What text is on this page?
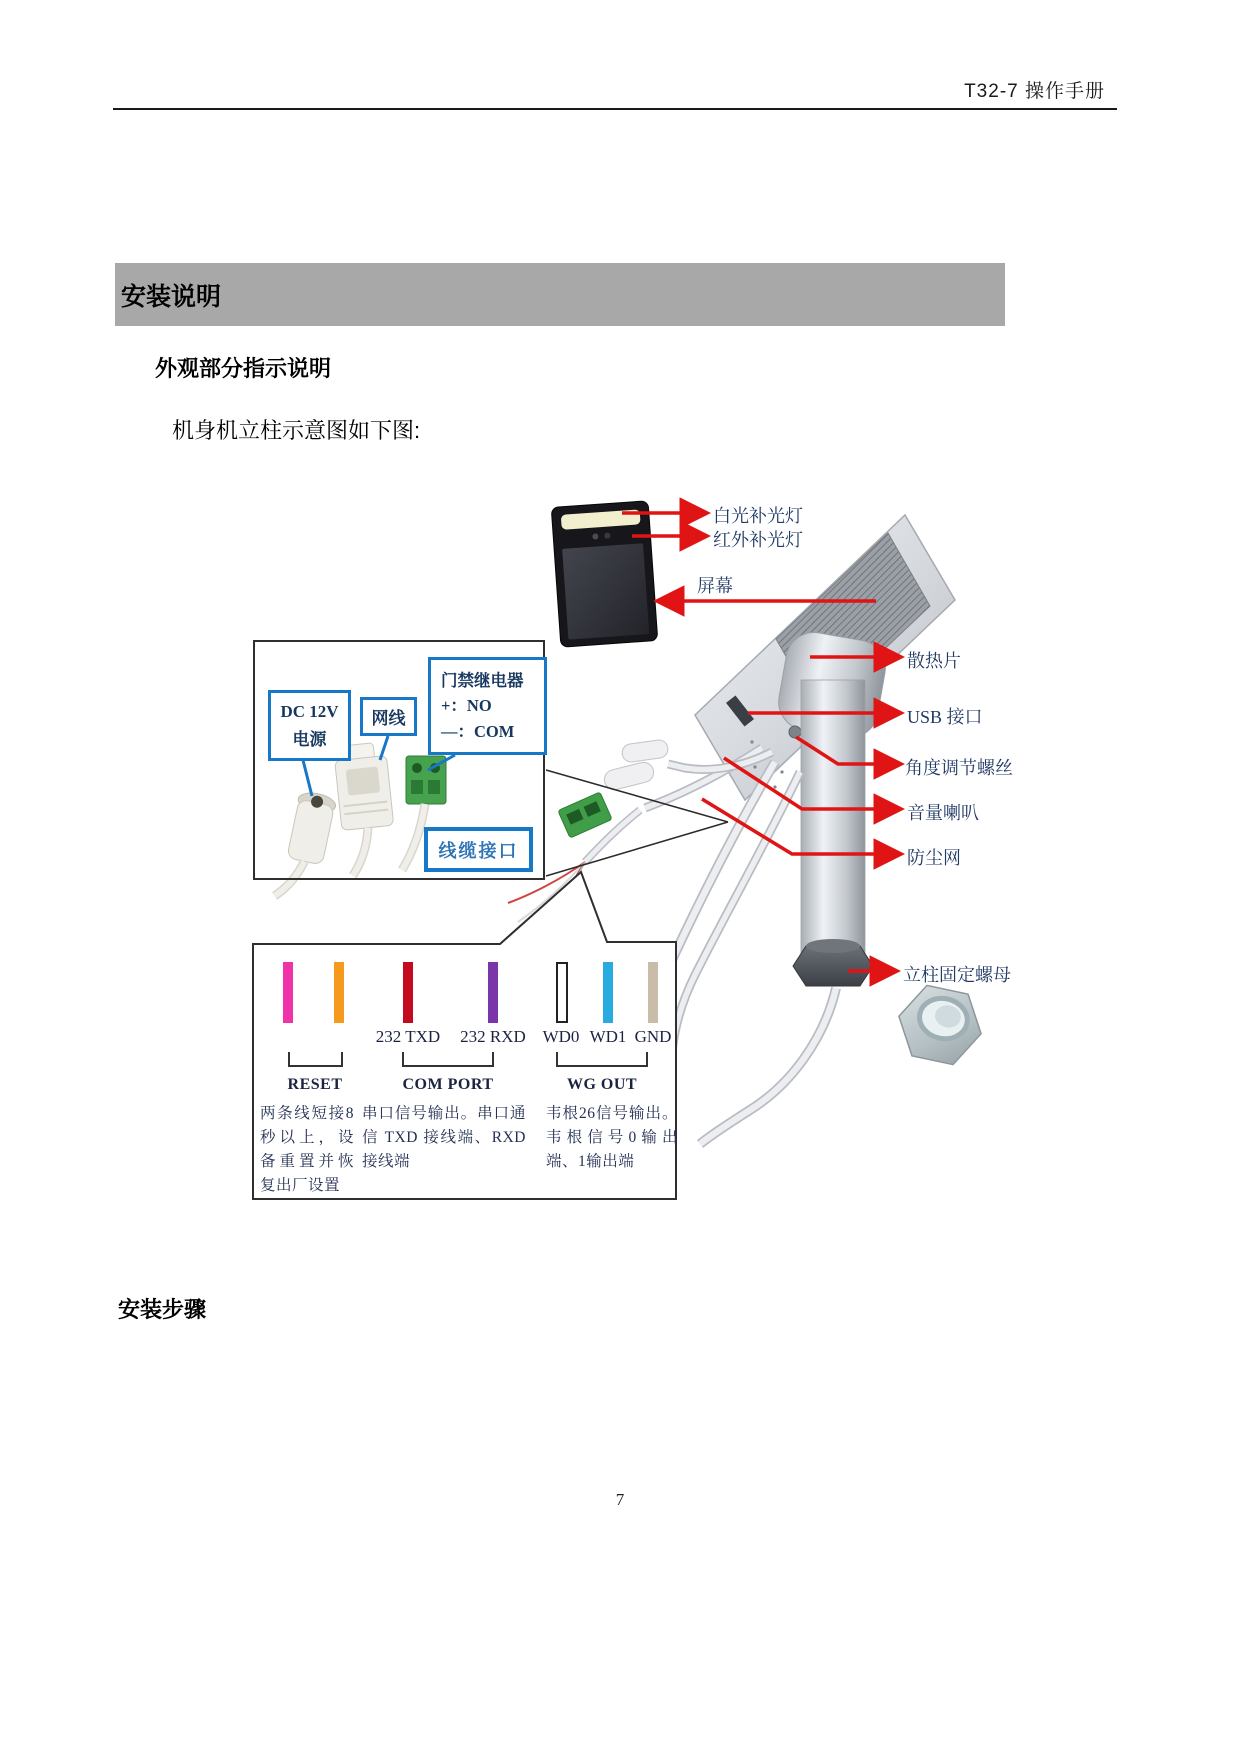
T32-7 操作手册
安装说明
外观部分指示说明
机身机立柱示意图如下图:
DC 12V
电源
网线
门禁继电器
+：NO
—：COM
线缆接口
白光补光灯
红外补光灯
屏幕
散热片
USB 接口
角度调节螺丝
音量喇叭
防尘网
立柱固定螺母
232 TXD	232 RXD WD0 WD1 GND
RESET	COM PORT	WG OUT
两条线短接8秒以上，设备重置并恢复出厂设置
串口信号输出。串口通信 TXD 接线端、RXD 接线端
韦根26信号输出。韦根信号0输出端、1输出端
安装步骤
7
